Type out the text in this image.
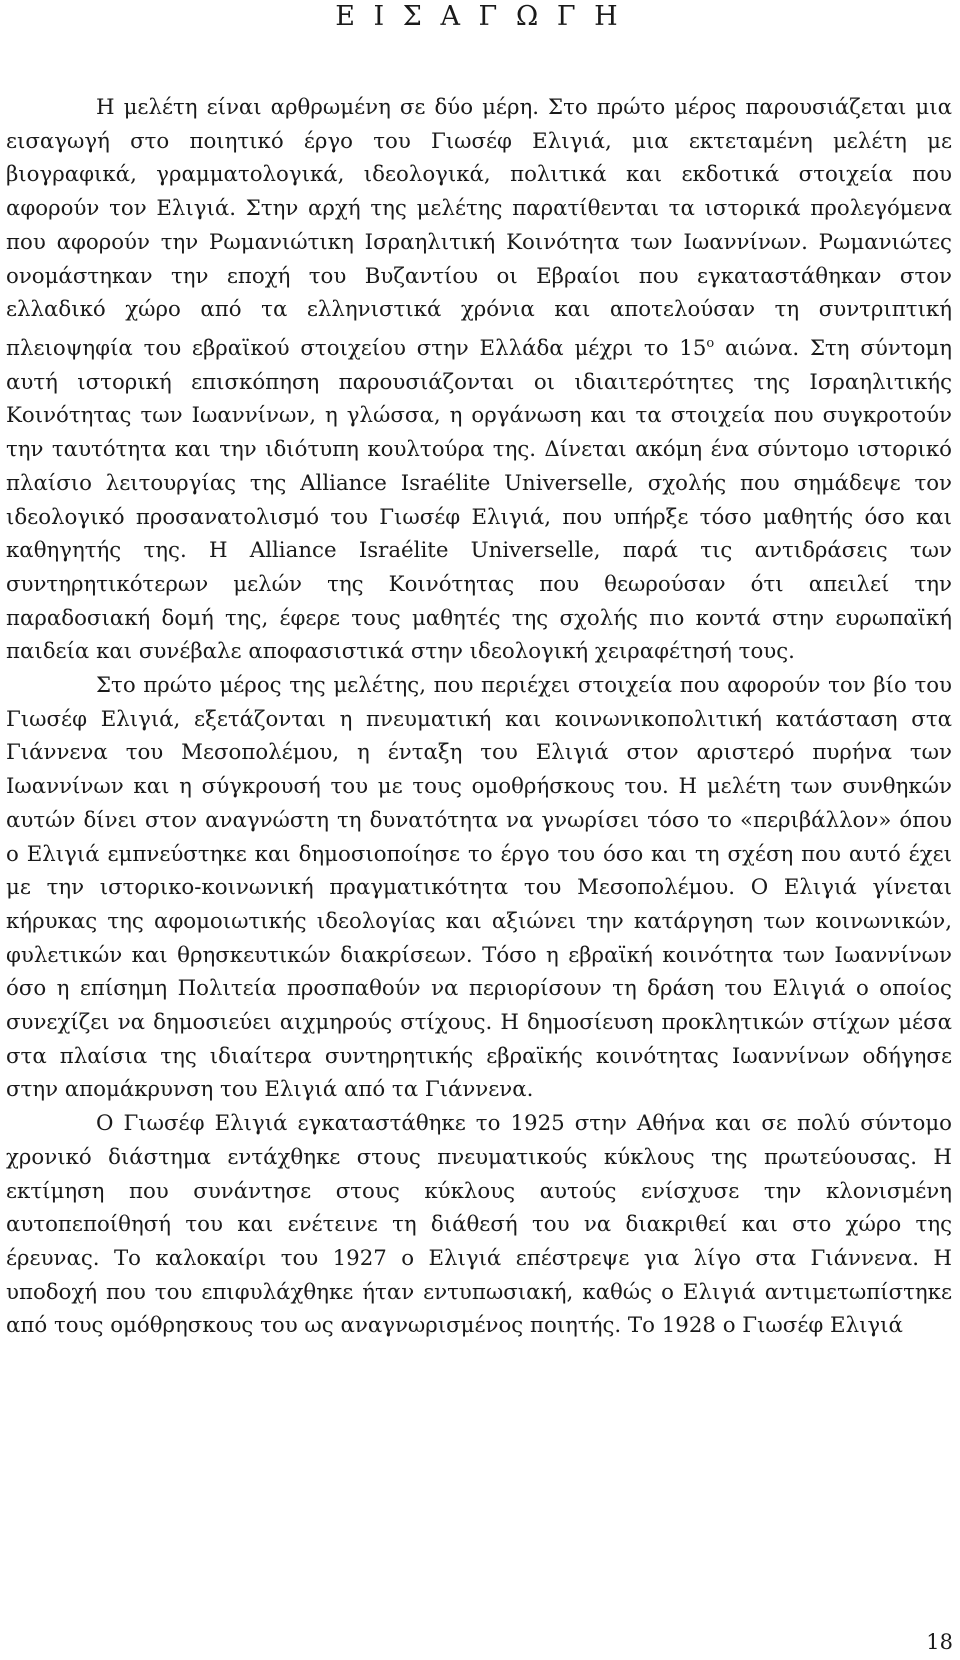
Ε Ι Σ Α Γ Ω Γ Η

Η μελέτη είναι αρθρωμένη σε δύο μέρη. Στο πρώτο μέρος παρουσιάζεται μια εισαγωγή στο ποιητικό έργο του Γιωσέφ Ελιγιά, μια εκτεταμένη μελέτη με βιογραφικά, γραμματολογικά, ιδεολογικά, πολιτικά και εκδοτικά στοιχεία που αφορούν τον Ελιγιά. Στην αρχή της μελέτης παρατίθενται τα ιστορικά προλεγόμενα που αφορούν την Ρωμανιώτικη Ισραηλιτική Κοινότητα των Ιωαννίνων. Ρωμανιώτες ονομάστηκαν την εποχή του Βυζαντίου οι Εβραίοι που εγκαταστάθηκαν στον ελλαδικό χώρο από τα ελληνιστικά χρόνια και αποτελούσαν τη συντριπτική πλειοψηφία του εβραϊκού στοιχείου στην Ελλάδα μέχρι το $15^o$ αιώνα. Στη σύντομη αυτή ιστορική επισκόπηση παρουσιάζονται οι ιδιαιτερότητες της Ισραηλιτικής Κοινότητας των Ιωαννίνων, η γλώσσα, η οργάνωση και τα στοιχεία που συγκροτούν την ταυτότητα και την ιδιότυπη κουλτούρα της. Δίνεται ακόμη ένα σύντομο ιστορικό πλαίσιο λειτουργίας της Alliance Israélite Universelle, σχολής που σημάδεψε τον ιδεολογικό προσανατολισμό του Γιωσέφ Ελιγιά, που υπήρξε τόσο μαθητής όσο και καθηγητής της. Η Alliance Israélite Universelle, παρά τις αντιδράσεις των συντηρητικότερων μελών της Κοινότητας που θεωρούσαν ότι απειλεί την παραδοσιακή δομή της, έφερε τους μαθητές της σχολής πιο κοντά στην ευρωπαϊκή παιδεία και συνέβαλε αποφασιστικά στην ιδεολογική χειραφέτησή τους.

Στο πρώτο μέρος της μελέτης, που περιέχει στοιχεία που αφορούν τον βίο του Γιωσέφ Ελιγιά, εξετάζονται η πνευματική και κοινωνικοπολιτική κατάσταση στα Γιάννενα του Μεσοπολέμου, η ένταξη του Ελιγιά στον αριστερό πυρήνα των Ιωαννίνων και η σύγκρουσή του με τους ομοθρήσκους του. Η μελέτη των συνθηκών αυτών δίνει στον αναγνώστη τη δυνατότητα να γνωρίσει τόσο το «περιβάλλον» όπου ο Ελιγιά εμπνεύστηκε και δημοσιοποίησε το έργο του όσο και τη σχέση που αυτό έχει με την ιστορικο-κοινωνική πραγματικότητα του Μεσοπολέμου. Ο Ελιγιά γίνεται κήρυκας της αφομοιωτικής ιδεολογίας και αξιώνει την κατάργηση των κοινωνικών, φυλετικών και θρησκευτικών διακρίσεων. Τόσο η εβραϊκή κοινότητα των Ιωαννίνων όσο η επίσημη Πολιτεία προσπαθούν να περιορίσουν τη δράση του Ελιγιά ο οποίος συνεχίζει να δημοσιεύει αιχμηρούς στίχους. Η δημοσίευση προκλητικών στίχων μέσα στα πλαίσια της ιδιαίτερα συντηρητικής εβραϊκής κοινότητας Ιωαννίνων οδήγησε στην απομάκρυνση του Ελιγιά από τα Γιάννενα.

Ο Γιωσέφ Ελιγιά εγκαταστάθηκε το 1925 στην Αθήνα και σε πολύ σύντομο χρονικό διάστημα εντάχθηκε στους πνευματικούς κύκλους της πρωτεύουσας. Η εκτίμηση που συνάντησε στους κύκλους αυτούς ενίσχυσε την κλονισμένη αυτοπεποίθησή του και ενέτεινε τη διάθεσή του να διακριθεί και στο χώρο της έρευνας. Το καλοκαίρι του 1927 ο Ελιγιά επέστρεψε για λίγο στα Γιάννενα. Η υποδοχή που του επιφυλάχθηκε ήταν εντυπωσιακή, καθώς ο Ελιγιά αντιμετωπίστηκε από τους ομόθρησκους του ως αναγνωρισμένος ποιητής. Το 1928 ο Γιωσέφ Ελιγιά

18
